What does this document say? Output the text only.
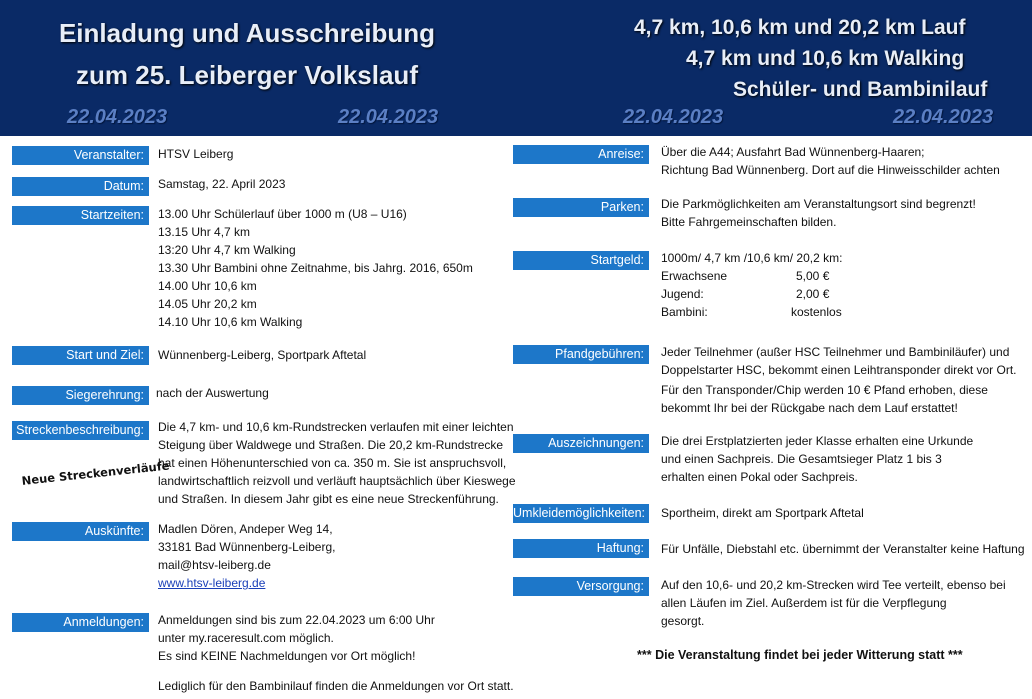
Einladung und Ausschreibung
zum 25. Leiberger Volkslauf
4,7 km, 10,6 km und 20,2 km Lauf
4,7 km und 10,6 km Walking
Schüler- und Bambinilauf
22.04.2023	22.04.2023	22.04.2023	22.04.2023
Veranstalter:	HTSV Leiberg
Datum:	Samstag, 22. April 2023
Startzeiten:	13.00 Uhr Schülerlauf über 1000 m (U8 – U16)
13.15 Uhr 4,7 km
13:20 Uhr 4,7 km Walking
13.30 Uhr Bambini ohne Zeitnahme, bis Jahrg. 2016, 650m
14.00 Uhr 10,6 km
14.05 Uhr 20,2 km
14.10 Uhr 10,6 km Walking
Start und Ziel:	Wünnenberg-Leiberg, Sportpark Aftetal
Siegerehrung:	nach der Auswertung
Streckenbeschreibung:	Die 4,7 km- und 10,6 km-Rundstrecken verlaufen mit einer leichten
Steigung über Waldwege und Straßen. Die 20,2 km-Rundstrecke
hat einen Höhenunterschied von ca. 350 m. Sie ist anspruchsvoll,
landwirtschaftlich reizvoll und verläuft hauptsächlich über Kieswege
und Straßen. In diesem Jahr gibt es eine neue Streckenführung.
Neue Streckenverläufe
Auskünfte:	Madlen Dören, Andeper Weg 14,
33181 Bad Wünnenberg-Leiberg,
mail@htsv-leiberg.de
www.htsv-leiberg.de
Anmeldungen:	Anmeldungen sind bis zum 22.04.2023 um 6:00 Uhr
unter my.raceresult.com möglich.
Es sind KEINE Nachmeldungen vor Ort möglich!
Lediglich für den Bambinilauf finden die Anmeldungen vor Ort statt.
Anreise:	Über die A44; Ausfahrt Bad Wünnenberg-Haaren;
Richtung Bad Wünnenberg. Dort auf die Hinweisschilder achten
Parken:	Die Parkmöglichkeiten am Veranstaltungsort sind begrenzt!
Bitte Fahrgemeinschaften bilden.
Startgeld:	1000m/ 4,7 km /10,6 km/ 20,2 km:
Erwachsene	5,00 €
Jugend:	2,00 €
Bambini:	kostenlos
Pfandgebühren:	Jeder Teilnehmer (außer HSC Teilnehmer und Bambiniläufer) und
Doppelstarter HSC, bekommt einen Leihtransponder direkt vor Ort.
Für den Transponder/Chip werden 10 € Pfand erhoben, diese
bekommt Ihr bei der Rückgabe nach dem Lauf erstattet!
Auszeichnungen:	Die drei Erstplatzierten jeder Klasse erhalten eine Urkunde
und einen Sachpreis. Die Gesamtsieger Platz 1 bis 3
erhalten einen Pokal oder Sachpreis.
Umkleidemöglichkeiten:	Sportheim, direkt am Sportpark Aftetal
Haftung:	Für Unfälle, Diebstahl etc. übernimmt der Veranstalter keine Haftung
Versorgung:	Auf den 10,6- und 20,2 km-Strecken wird Tee verteilt, ebenso bei
allen Läufen im Ziel. Außerdem ist für die Verpflegung
gesorgt.
*** Die Veranstaltung findet bei jeder Witterung statt ***
